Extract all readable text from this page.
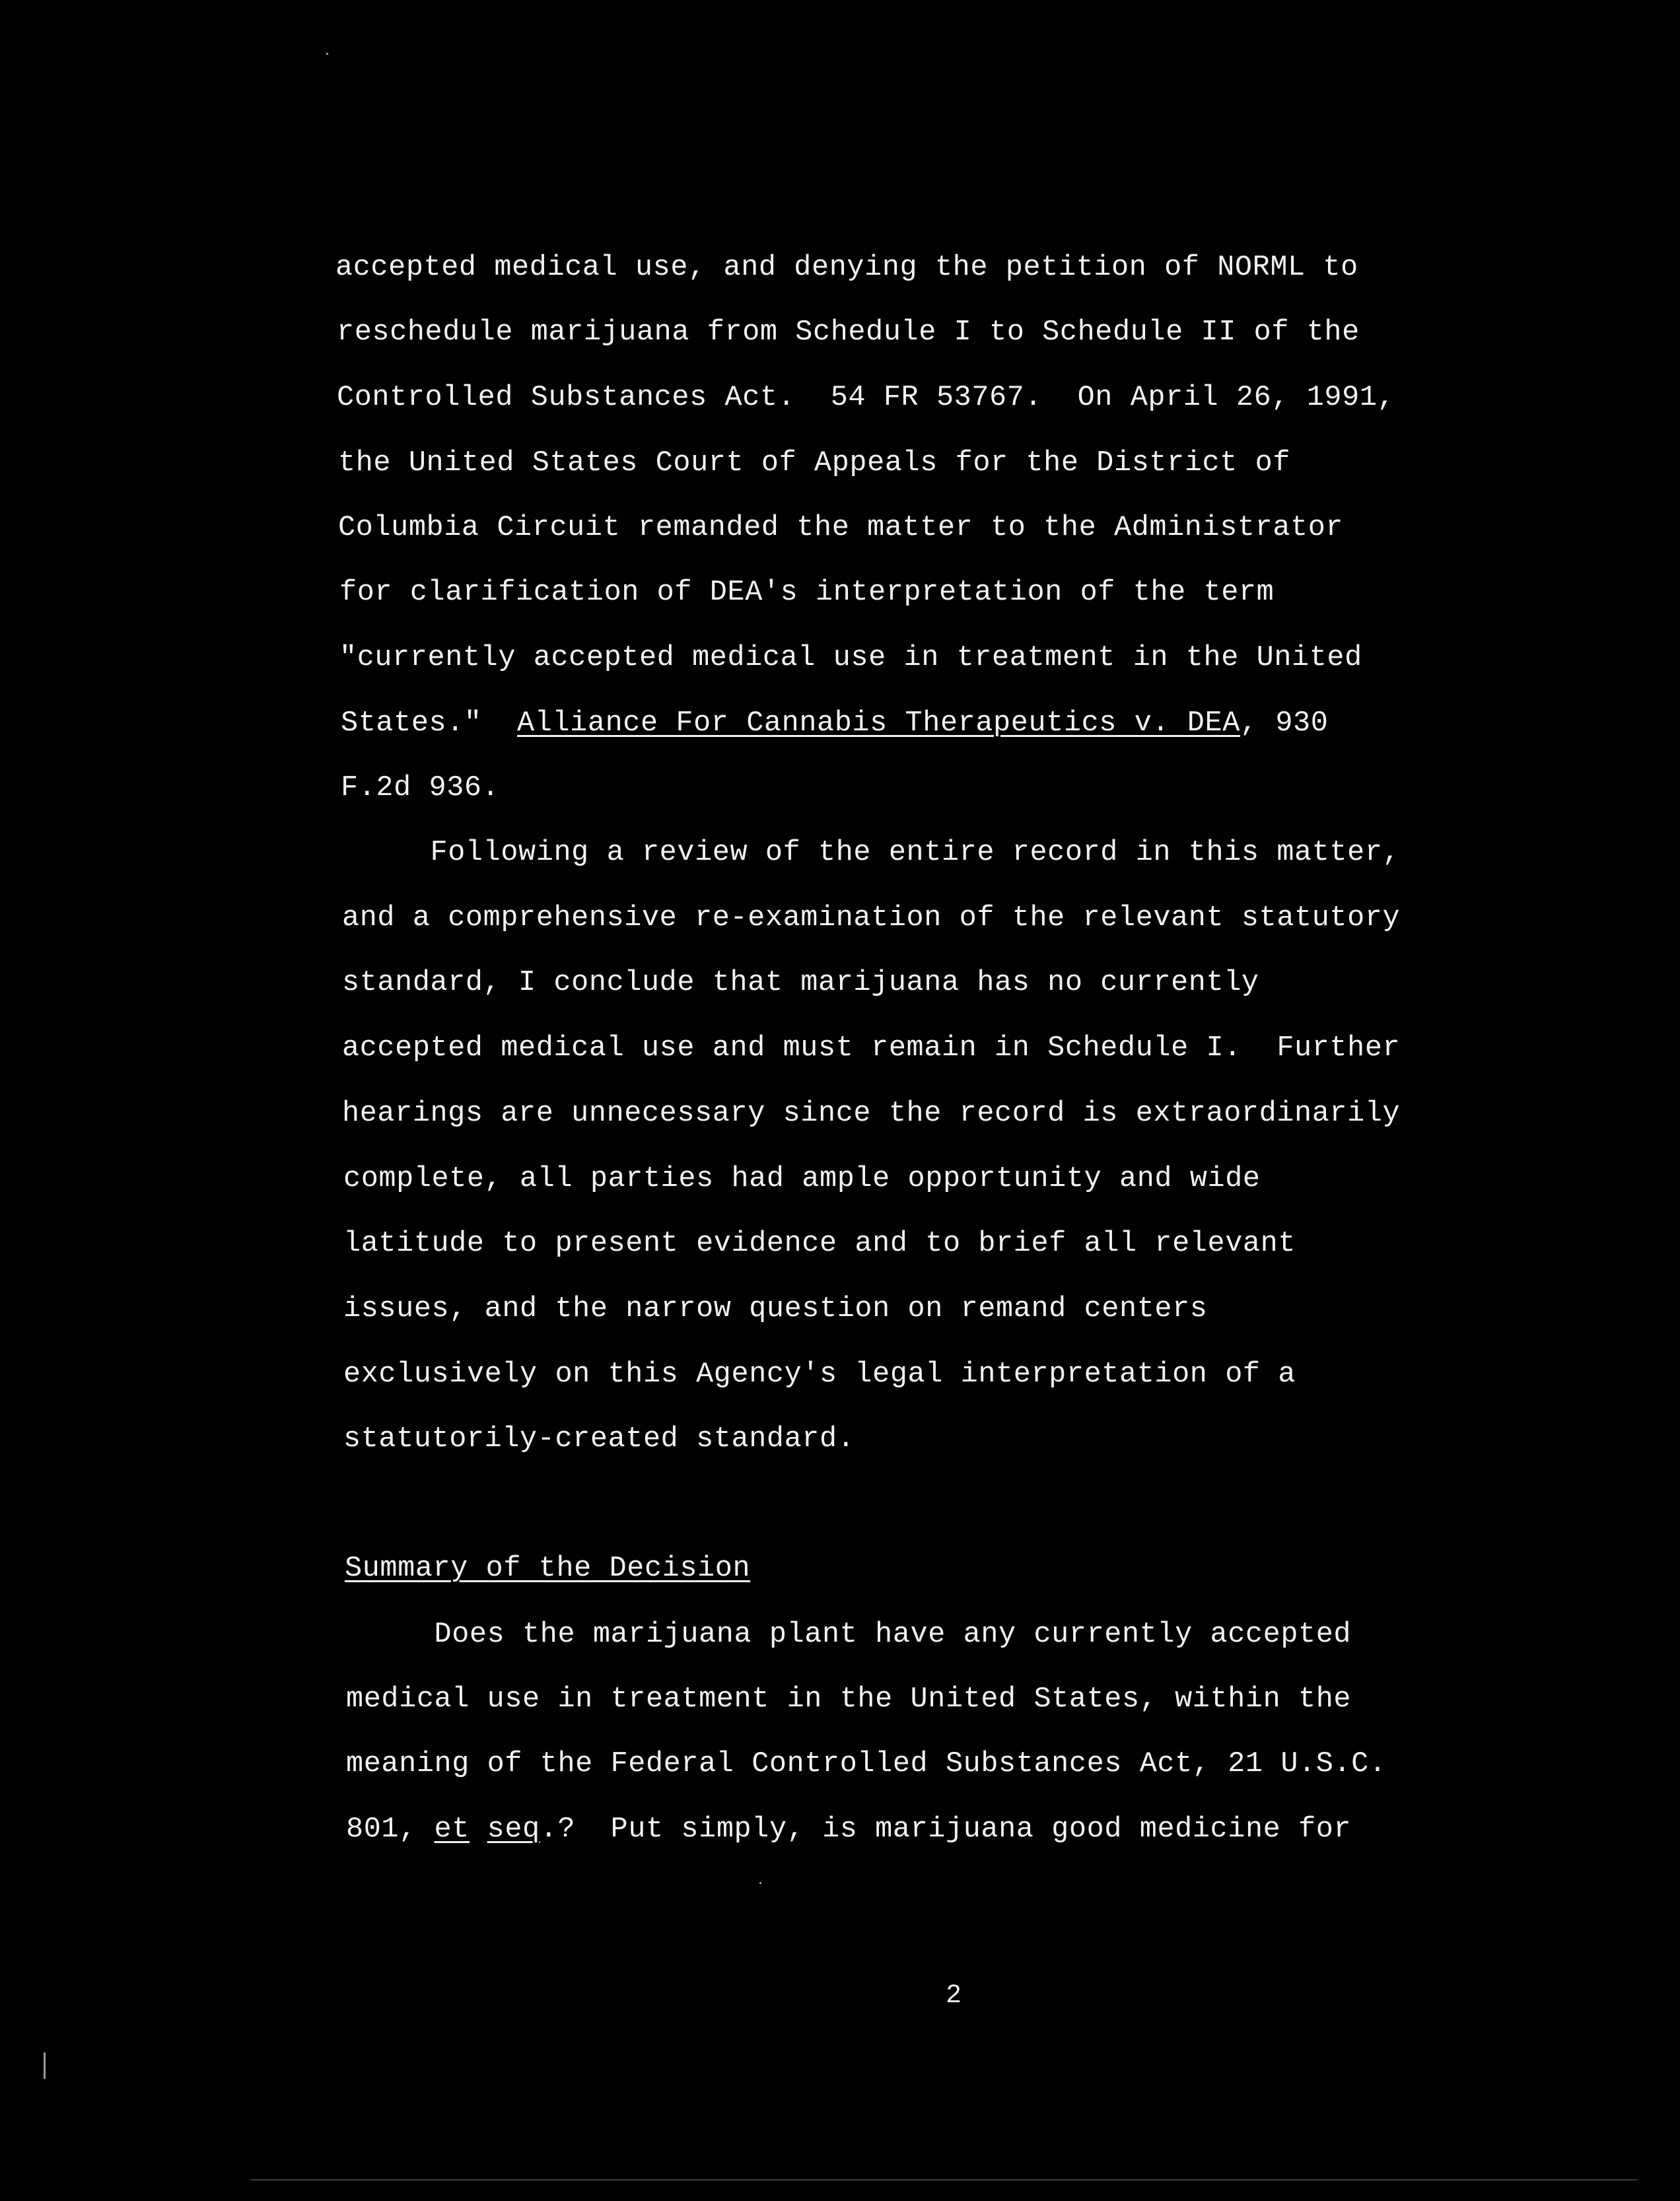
accepted medical use, and denying the petition of NORML to
reschedule marijuana from Schedule I to Schedule II of the
Controlled Substances Act.  54 FR 53767.  On April 26, 1991,
the United States Court of Appeals for the District of
Columbia Circuit remanded the matter to the Administrator
for clarification of DEA's interpretation of the term
"currently accepted medical use in treatment in the United
States."  Alliance For Cannabis Therapeutics v. DEA, 930
F.2d 936.
Following a review of the entire record in this matter,
and a comprehensive re-examination of the relevant statutory
standard, I conclude that marijuana has no currently
accepted medical use and must remain in Schedule I.  Further
hearings are unnecessary since the record is extraordinarily
complete, all parties had ample opportunity and wide
latitude to present evidence and to brief all relevant
issues, and the narrow question on remand centers
exclusively on this Agency's legal interpretation of a
statutorily-created standard.
Summary of the Decision
Does the marijuana plant have any currently accepted
medical use in treatment in the United States, within the
meaning of the Federal Controlled Substances Act, 21 U.S.C.
801, et seq.?  Put simply, is marijuana good medicine for
2
